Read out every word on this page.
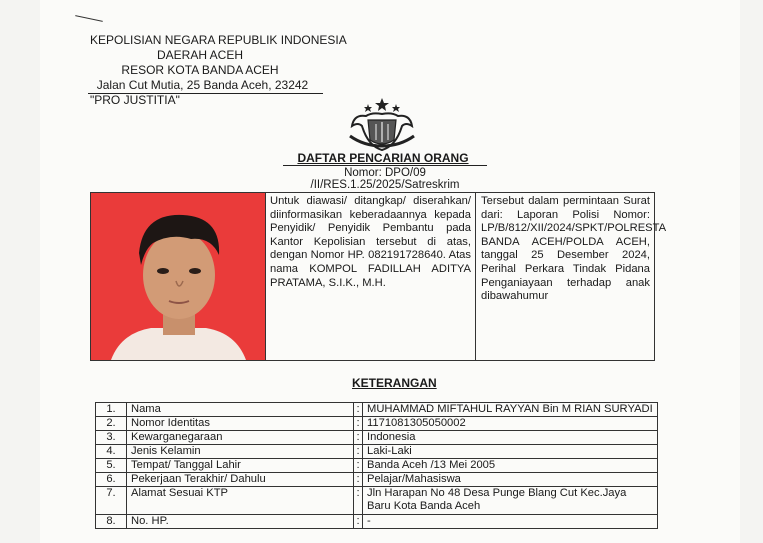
KEPOLISIAN NEGARA REPUBLIK INDONESIA
DAERAH ACEH
RESOR KOTA BANDA ACEH
Jalan Cut Mutia, 25 Banda Aceh, 23242
"PRO JUSTITIA"
DAFTAR PENCARIAN ORANG
Nomor: DPO/09 /II/RES.1.25/2025/Satreskrim
Untuk diawasi/ ditangkap/ diserahkan/ diinformasikan keberadaannya kepada Penyidik/ Penyidik Pembantu pada Kantor Kepolisian tersebut di atas, dengan Nomor HP. 082191728640. Atas nama KOMPOL FADILLAH ADITYA PRATAMA, S.I.K., M.H.
Tersebut dalam permintaan Surat dari: Laporan Polisi Nomor: LP/B/812/XII/2024/SPKT/POLRESTA BANDA ACEH/POLDA ACEH, tanggal 25 Desember 2024, Perihal Perkara Tindak Pidana Penganiayaan terhadap anak dibawahumur
KETERANGAN
1.	Nama	:	MUHAMMAD MIFTAHUL RAYYAN Bin M RIAN SURYADI
2.	Nomor Identitas	:	1171081305050002
3.	Kewarganegaraan	:	Indonesia
4.	Jenis Kelamin	:	Laki-Laki
5.	Tempat/ Tanggal Lahir	:	Banda Aceh /13 Mei 2005
6.	Pekerjaan Terakhir/ Dahulu	:	Pelajar/Mahasiswa
7.	Alamat Sesuai KTP	:	Jln Harapan No 48 Desa Punge Blang Cut Kec.Jaya Baru Kota Banda Aceh
8.	No. HP.	:	-
